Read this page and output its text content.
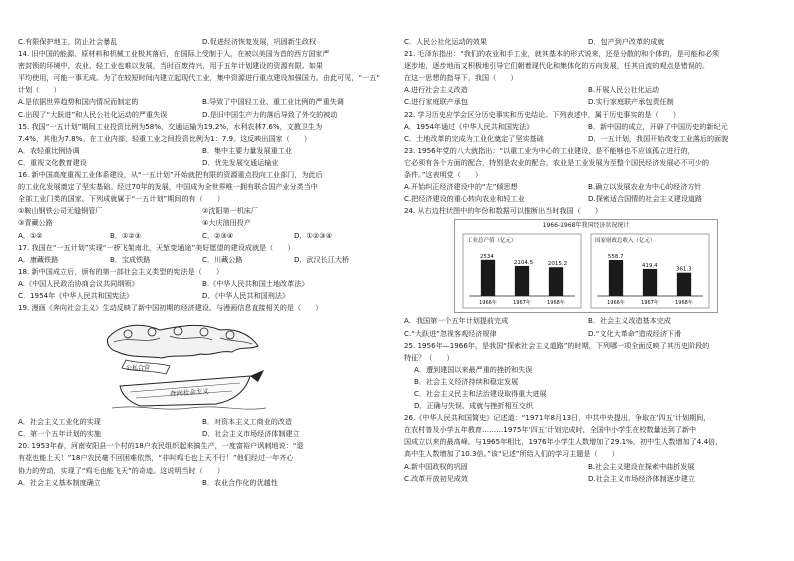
C.有限保护地主，防止社会暴乱	D.促进经济恢复发展，巩固新生政权
14. 旧中国的能源、原材料和机械工业极其落后，在国际上受制于人，在被以美国为首的西方国家严
密封锁的环境中，农业、轻工业也难以发展，当时百废待兴，用于五年计划建设的资源有限。如果
平均使用，可能一事无成。为了在较短时间内建立起现代工业，集中资源进行重点建设加强国力。由此可见，“一五”
计划（　　）
A.是依据世界趋势和国内情况而制定的	B.导致了中国轻工业、重工业比例的严重失调
C.出现了“大跃进”和人民公社化运动的严重失误	D.是旧中国生产力的落后导致了外交的被动
15. 我国“一五计划”期间工业投资比例为58%，交通运输为19.2%，水利农林7.6%，文教卫生为
7.4%，其他为7.8%。在工业内部，轻重工业之间投资比例为1：7.9。这反映出国家（　　）
A．农轻重比例协调	B．集中主要力量发展重工业
C．重视文化教育建设	D．优先发展交通运输业
16. 新中国高度重视工业体系建设，从“一五计划”开始就把有限的资源重点投向工业部门，为此后
的工业化发展奠定了坚实基础。经过70年的发展，中国成为全世界唯一拥有联合国产业分类当中
全部工业门类的国家。下列成就属于“一五计划”期间的有（　　）
①鞍山钢铁公司无缝钢管厂	②沈阳第一机床厂
③青藏公路	④大庆油田投产
A．①②	B．①②③	C．②③④	D．①②③④
17. 我国在“一五计划”实现“一桥飞架南北，天堑变通途”美好愿望的建设成就是（　　）
A．康藏铁路	B．宝成铁路	C．川藏公路	D．武汉长江大桥
18. 新中国成立后，颁布的第一部社会主义类型的宪法是（　　）
A.《中国人民政治协商会议共同纲领》	B.《中华人民共和国土地改革法》
C．1954年《中华人民共和国宪法》	D．《中华人民共和国刑法》
19. 漫画《奔向社会主义》生动反映了新中国初期的经济建设。与漫画信息直接相关的是（　　）
公私合营
奔向社会主义
A．社会主义工业化的实现	B．对资本主义工商业的改造
C．第一个五年计划的实施	D．社会主义市场经济体制建立
20. 1953年春，河南安阳县一个村的18户农民组织起来搞生产，一度富裕户讽刺地说：“退
有花也能上天！”18户农民毫不回困难依然，“非叫鸡毛也上天不行！”他们经过一年齐心
协力的劳动，实现了“鸡毛也能飞天”的奇迹。这说明当时（　　）
A．社会主义基本制度确立	B．农业合作化的优越性
C．人民公社化运动的效果	D．包产到户改革的成就
21. 毛泽东指出：“我们的农业和手工业，就其基本的形式说来，还是分散的和个体的，是可能和必须
逐步地，逐步地而又积极地引导它们朝着现代化和集体化的方向发展，任其自流的观点是错误的。
在这一思想的指导下，我国（　　）
A.进行社会主义改造	B.开展人民公社化运动
C.进行家庭联产承包	D.实行家庭联产承包责任制
22. 学习历史应学会区分历史事实和历史结论。下列表述中，属于历史事实的是（　　）
A．1954年通过《中华人民共和国宪法》	B．新中国的成立，开辟了中国历史的新纪元
C．土地改革的完成为工业化奠定了坚实基础	D．一五计划，我国开始改变工业落后的面貌
23. 1956年党的八大就指出：“以重工业为中心的工业建设，是不能够也不应该孤立进行的，
它必须有各个方面的配合，特别是农业的配合，农业是工业发展为至整个国民经济发展必不可少的
条件。”这表明党（　　）
A.开始纠正经济建设中的“左”倾思想	B.确立以发展农业为中心的经济方针
C.把经济建设的重心转向农业和轻工业	D.探索适合国情的社会主义建设道路
24. 从右边柱状图中的年份和数据可以推断出当时我国（　　）
1966-1968年我国经济状况统计
工业总产值（亿元）
2534
1966年
2104.5
1967年
2015.2
1968年
国家财政总收入（亿元）
558.7
1966年
419.4
1967年
361.3
1968年
A．我国第一个五年计划提前完成	B．社会主义改造基本完成
C.“大跃进”忽视客观经济规律	D.“文化大革命”造成经济下滑
25. 1956年—1966年，是我国“探索社会主义道路”的时期，下列哪一项全面反映了其历史阶段的
特征？（　　）
A．遭到建国以来最严重的挫折和失误
B．社会主义经济持续和稳定发展
C．社会主义民主和法治建设取得重大进展
D．正确与失误、成就与挫折相互交织
26.《中华人民共和国简史》记述道：“1971年8月13日，中共中央提出，争取在‘四五’计划期间，
在农村普及小学五年教育………1975年‘四五’计划完成时，全国中小学生在校数量达到了新中
国成立以来的最高峰。与1965年相比，1976年小学生人数增加了29.1%，初中生人数增加了4.4倍，
高中生人数增加了10.3倍。”该“记述”所给人们的学习主题是（　　）
A.新中国政权的巩固	B.社会主义建设在探索中曲折发展
C.改革开放初见成效	D.社会主义市场经济体制逐步建立
